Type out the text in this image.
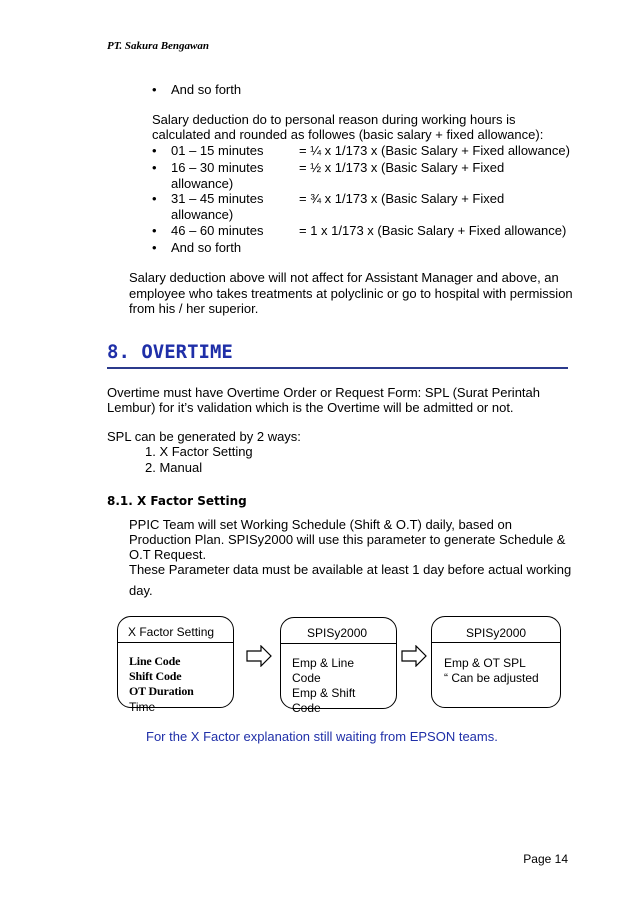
PT. Sakura Bengawan
• And so forth
Salary deduction do to personal reason during working hours is
calculated and rounded as followes (basic salary + fixed allowance):
• 01 – 15 minutes	= ¼ x 1/173 x (Basic Salary + Fixed allowance)
• 16 – 30 minutes	= ½ x 1/173 x (Basic Salary + Fixed
allowance)
• 31 – 45 minutes	= ¾ x 1/173 x (Basic Salary + Fixed
allowance)
• 46 – 60 minutes	= 1 x 1/173 x (Basic Salary + Fixed allowance)
• And so forth
Salary deduction above will not affect for Assistant Manager and above, an
employee who takes treatments at polyclinic or go to hospital with permission
from his / her superior.
8. OVERTIME
Overtime must have Overtime Order or Request Form: SPL (Surat Perintah
Lembur) for it’s validation which is the Overtime will be admitted or not.
SPL can be generated by 2 ways:
1. X Factor Setting
2. Manual
8.1. X Factor Setting
PPIC Team will set Working Schedule (Shift & O.T) daily, based on
Production Plan. SPISy2000 will use this parameter to generate Schedule &
O.T Request.
These Parameter data must be available at least 1 day before actual working
day.
X Factor Setting
Line Code
Shift Code
OT Duration
Time
SPISy2000
Emp & Line
Code
Emp & Shift
Code
SPISy2000
Emp & OT SPL
“ Can be adjusted
For the X Factor explanation still waiting from EPSON teams.
Page 14
